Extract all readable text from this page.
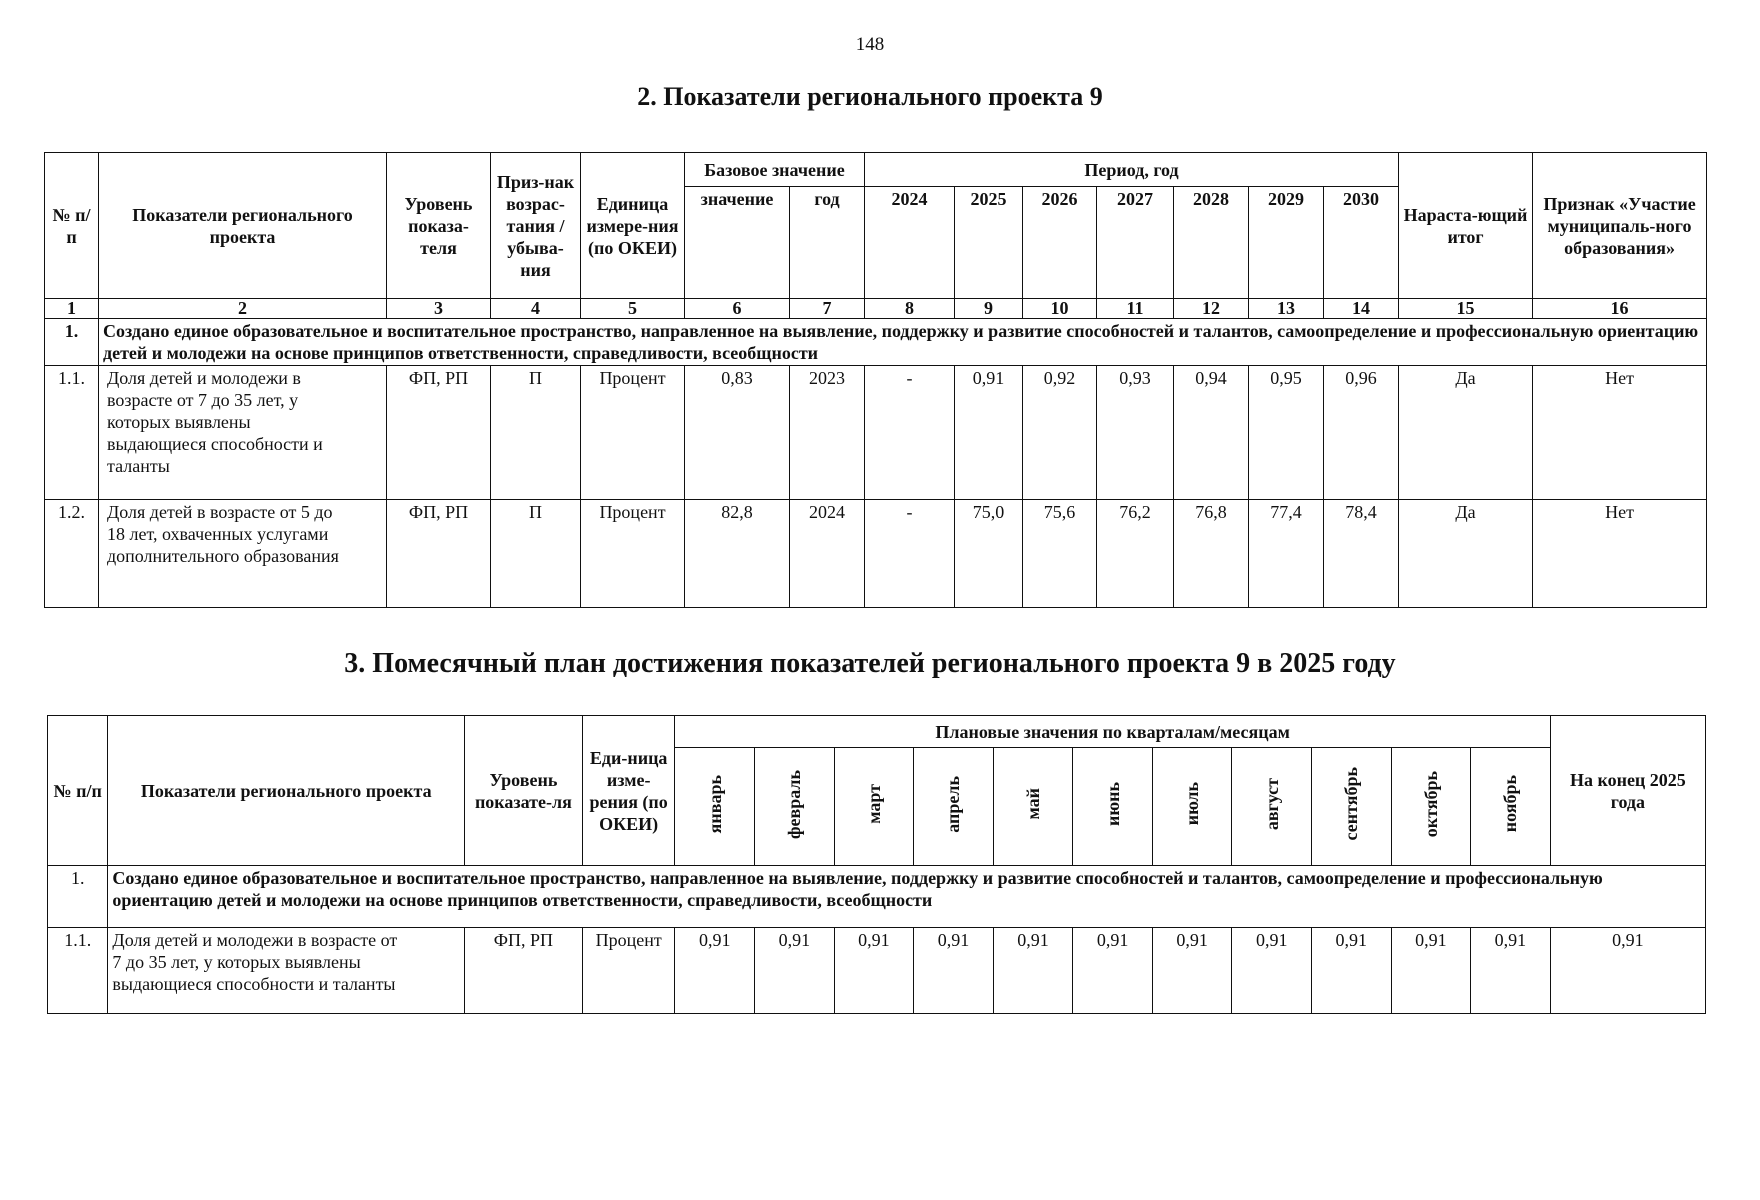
148
2. Показатели регионального проекта 9
№ п/п	Показатели регионального проекта	Уровень показа-теля	Приз-нак возрас-тания / убыва-ния	Единица измере-ния (по ОКЕИ)	Базовое значение		Период, год							Нараста-ющий итог	Признак «Участие муниципаль-ного образования»
					значение	год	2024	2025	2026	2027	2028	2029	2030		
1	2	3	4	5	6	7	8	9	10	11	12	13	14	15	16
1.	Создано единое образовательное и воспитательное пространство, направленное на выявление, поддержку и развитие способностей и талантов, самоопределение и профессиональную ориентацию детей и молодежи на основе принципов ответственности, справедливости, всеобщности														
1.1.	Доля детей и молодежи в возрасте от 7 до 35 лет, у которых выявлены выдающиеся способности и таланты	ФП, РП	П	Процент	0,83	2023	-	0,91	0,92	0,93	0,94	0,95	0,96	Да	Нет
1.2.	Доля детей в возрасте от 5 до 18 лет, охваченных услугами дополнительного образования	ФП, РП	П	Процент	82,8	2024	-	75,0	75,6	76,2	76,8	77,4	78,4	Да	Нет
3. Помесячный план достижения показателей регионального проекта 9 в 2025 году
№ п/п	Показатели регионального проекта	Уровень показате-ля	Еди-ница изме-рения (по ОКЕИ)	Плановые значения по кварталам/месяцам											На конец 2025 года
				январь	февраль	март	апрель	май	июнь	июль	август	сентябрь	октябрь	ноябрь	
1.	Создано единое образовательное и воспитательное пространство, направленное на выявление, поддержку и развитие способностей и талантов, самоопределение и профессиональную ориентацию детей и молодежи на основе принципов ответственности, справедливости, всеобщности														
1.1.	Доля детей и молодежи в возрасте от 7 до 35 лет, у которых выявлены выдающиеся способности и таланты	ФП, РП	Процент	0,91	0,91	0,91	0,91	0,91	0,91	0,91	0,91	0,91	0,91	0,91	0,91
